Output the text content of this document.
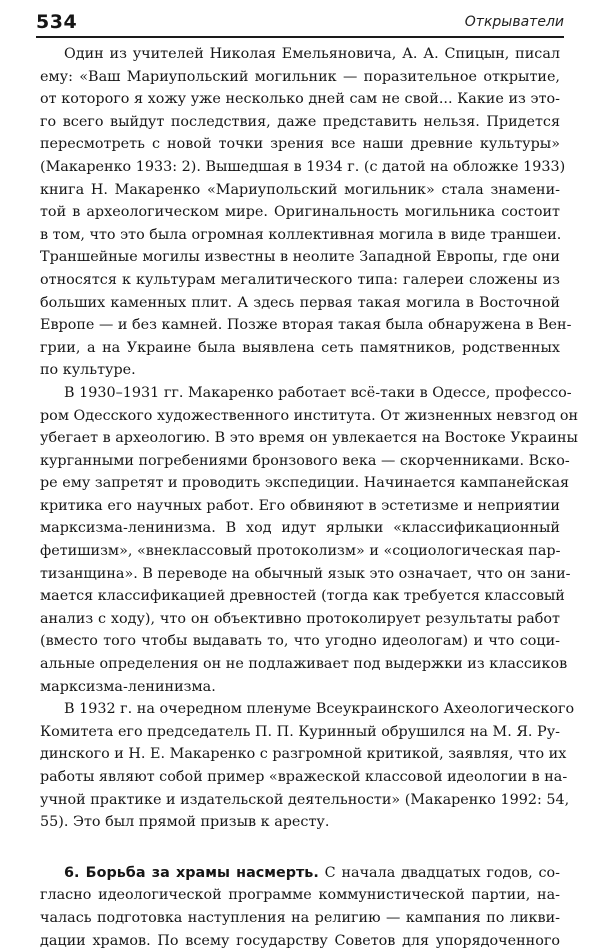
534	Открыватели
Один из учителей Николая Емельяновича, А. А. Спицын, писал
ему: «Ваш Мариупольский могильник — поразительное открытие,
от которого я хожу уже несколько дней сам не свой... Какие из это-
го всего выйдут последствия, даже представить нельзя. Придется
пересмотреть с новой точки зрения все наши древние культуры»
(Макаренко 1933: 2). Вышедшая в 1934 г. (с датой на обложке 1933)
книга Н. Макаренко «Мариупольский могильник» стала знамени-
той в археологическом мире. Оригинальность могильника состоит
в том, что это была огромная коллективная могила в виде траншеи.
Траншейные могилы известны в неолите Западной Европы, где они
относятся к культурам мегалитического типа: галереи сложены из
больших каменных плит. А здесь первая такая могила в Восточной
Европе — и без камней. Позже вторая такая была обнаружена в Вен-
грии, а на Украине была выявлена сеть памятников, родственных
по культуре.
В 1930–1931 гг. Макаренко работает всё-таки в Одессе, профессо-
ром Одесского художественного института. От жизненных невзгод он
убегает в археологию. В это время он увлекается на Востоке Украины
курганными погребениями бронзового века — скорченниками. Вско-
ре ему запретят и проводить экспедиции. Начинается кампанейская
критика его научных работ. Его обвиняют в эстетизме и неприятии
марксизма-ленинизма. В ход идут ярлыки «классификационный
фетишизм», «внеклассовый протоколизм» и «социологическая пар-
тизанщина». В переводе на обычный язык это означает, что он зани-
мается классификацией древностей (тогда как требуется классовый
анализ с ходу), что он объективно протоколирует результаты работ
(вместо того чтобы выдавать то, что угодно идеологам) и что соци-
альные определения он не подлаживает под выдержки из классиков
марксизма-ленинизма.
В 1932 г. на очередном пленуме Всеукраинского Ахеологического
Комитета его председатель П. П. Куринный обрушился на М. Я. Ру-
динского и Н. Е. Макаренко с разгромной критикой, заявляя, что их
работы являют собой пример «вражеской классовой идеологии в на-
учной практике и издательской деятельности» (Макаренко 1992: 54,
55). Это был прямой призыв к аресту.
6. Борьба за храмы насмерть. С начала двадцатых годов, со-
гласно идеологической программе коммунистической партии, на-
чалась подготовка наступления на религию — кампания по ликви-
дации храмов. По всему государству Советов для упорядоченного
